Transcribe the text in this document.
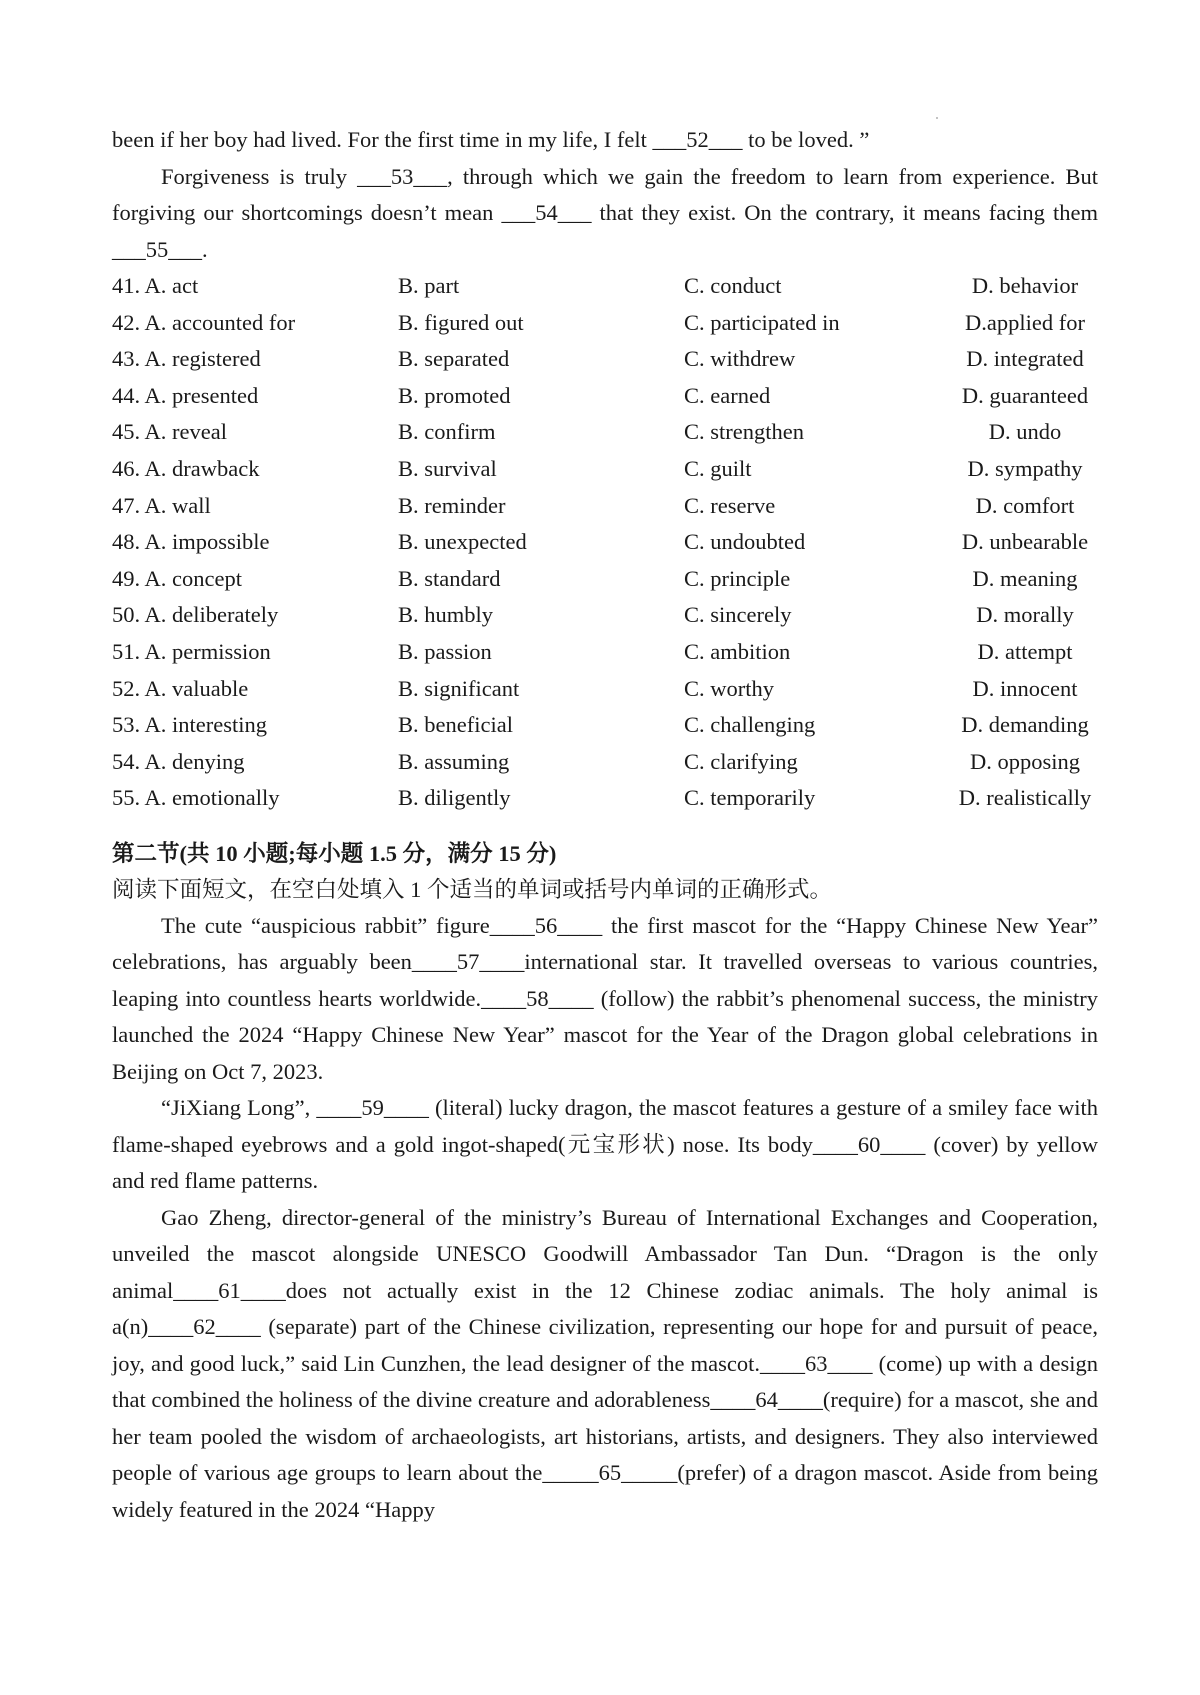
been if her boy had lived. For the first time in my life, I felt ___52___ to be loved. ”

Forgiveness is truly ___53___, through which we gain the freedom to learn from experience. But forgiving our shortcomings doesn’t mean ___54___ that they exist. On the contrary, it means facing them ___55___.

41. A. act	B. part	C. conduct	D. behavior
42. A. accounted for	B. figured out	C. participated in	D.applied for
43. A. registered	B. separated	C. withdrew	D. integrated
44. A. presented	B. promoted	C. earned	D. guaranteed
45. A. reveal	B. confirm	C. strengthen	D. undo
46. A. drawback	B. survival	C. guilt	D. sympathy
47. A. wall	B. reminder	C. reserve	D. comfort
48. A. impossible	B. unexpected	C. undoubted	D. unbearable
49. A. concept	B. standard	C. principle	D. meaning
50. A. deliberately	B. humbly	C. sincerely	D. morally
51. A. permission	B. passion	C. ambition	D. attempt
52. A. valuable	B. significant	C. worthy	D. innocent
53. A. interesting	B. beneficial	C. challenging	D. demanding
54. A. denying	B. assuming	C. clarifying	D. opposing
55. A. emotionally	B. diligently	C. temporarily	D. realistically
第二节(共 10 小题;每小题 1.5 分，满分 15 分)

阅读下面短文，在空白处填入 1 个适当的单词或括号内单词的正确形式。

The cute “auspicious rabbit” figure____56____ the first mascot for the “Happy Chinese New Year” celebrations, has arguably been____57____international star. It travelled overseas to various countries, leaping into countless hearts worldwide.____58____ (follow) the rabbit’s phenomenal success, the ministry launched the 2024 “Happy Chinese New Year” mascot for the Year of the Dragon global celebrations in Beijing on Oct 7, 2023.

“JiXiang Long”, ____59____ (literal) lucky dragon, the mascot features a gesture of a smiley face with flame-shaped eyebrows and a gold ingot-shaped(元宝形状) nose. Its body____60____ (cover) by yellow and red flame patterns.

Gao Zheng, director-general of the ministry’s Bureau of International Exchanges and Cooperation, unveiled the mascot alongside UNESCO Goodwill Ambassador Tan Dun. “Dragon is the only animal____61____does not actually exist in the 12 Chinese zodiac animals. The holy animal is a(n)____62____ (separate) part of the Chinese civilization, representing our hope for and pursuit of peace, joy, and good luck,” said Lin Cunzhen, the lead designer of the mascot.____63____ (come) up with a design that combined the holiness of the divine creature and adorableness____64____(require) for a mascot, she and her team pooled the wisdom of archaeologists, art historians, artists, and designers. They also interviewed people of various age groups to learn about the_____65_____(prefer) of a dragon mascot. Aside from being widely featured in the 2024 “Happy
